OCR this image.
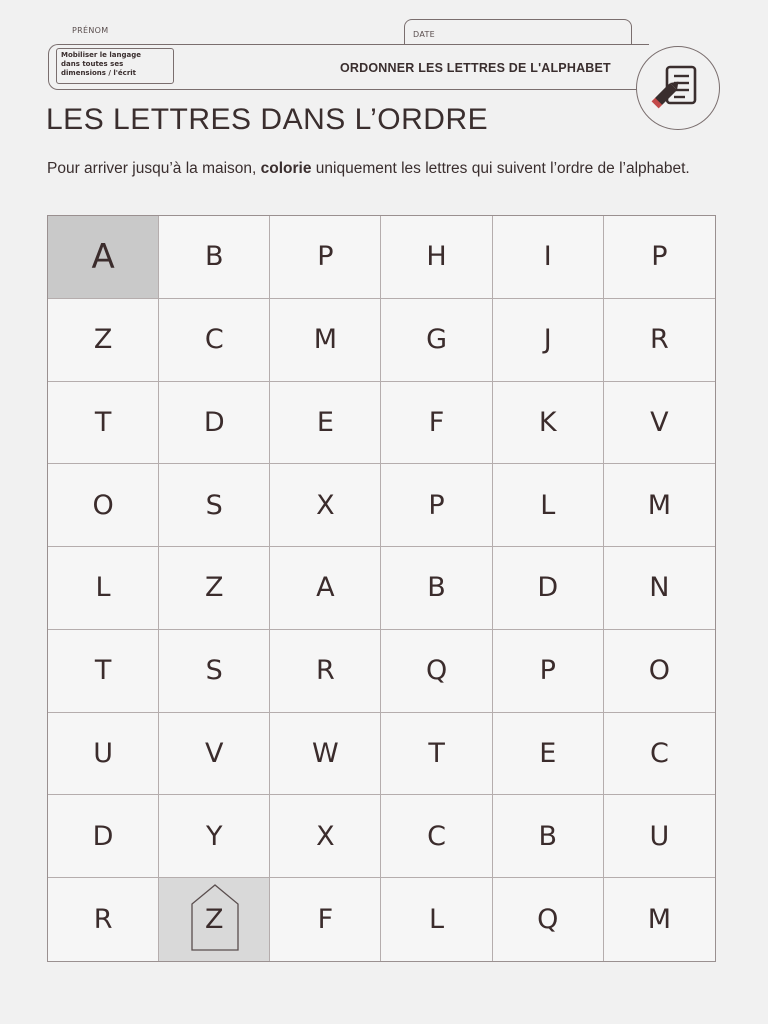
PRÉNOM	DATE
Mobiliser le langage
dans toutes ses
dimensions / l'écrit	ORDONNER LES LETTRES DE L'ALPHABET
LES LETTRES DANS L’ORDRE
Pour arriver jusqu’à la maison, colorie uniquement les lettres qui suivent l’ordre de l’alphabet.
A	B	P	H	I	P
Z	C	M	G	J	R
T	D	E	F	K	V
O	S	X	P	L	M
L	Z	A	B	D	N
T	S	R	Q	P	O
U	V	W	T	E	C
D	Y	X	C	B	U
R	Z	F	L	Q	M
